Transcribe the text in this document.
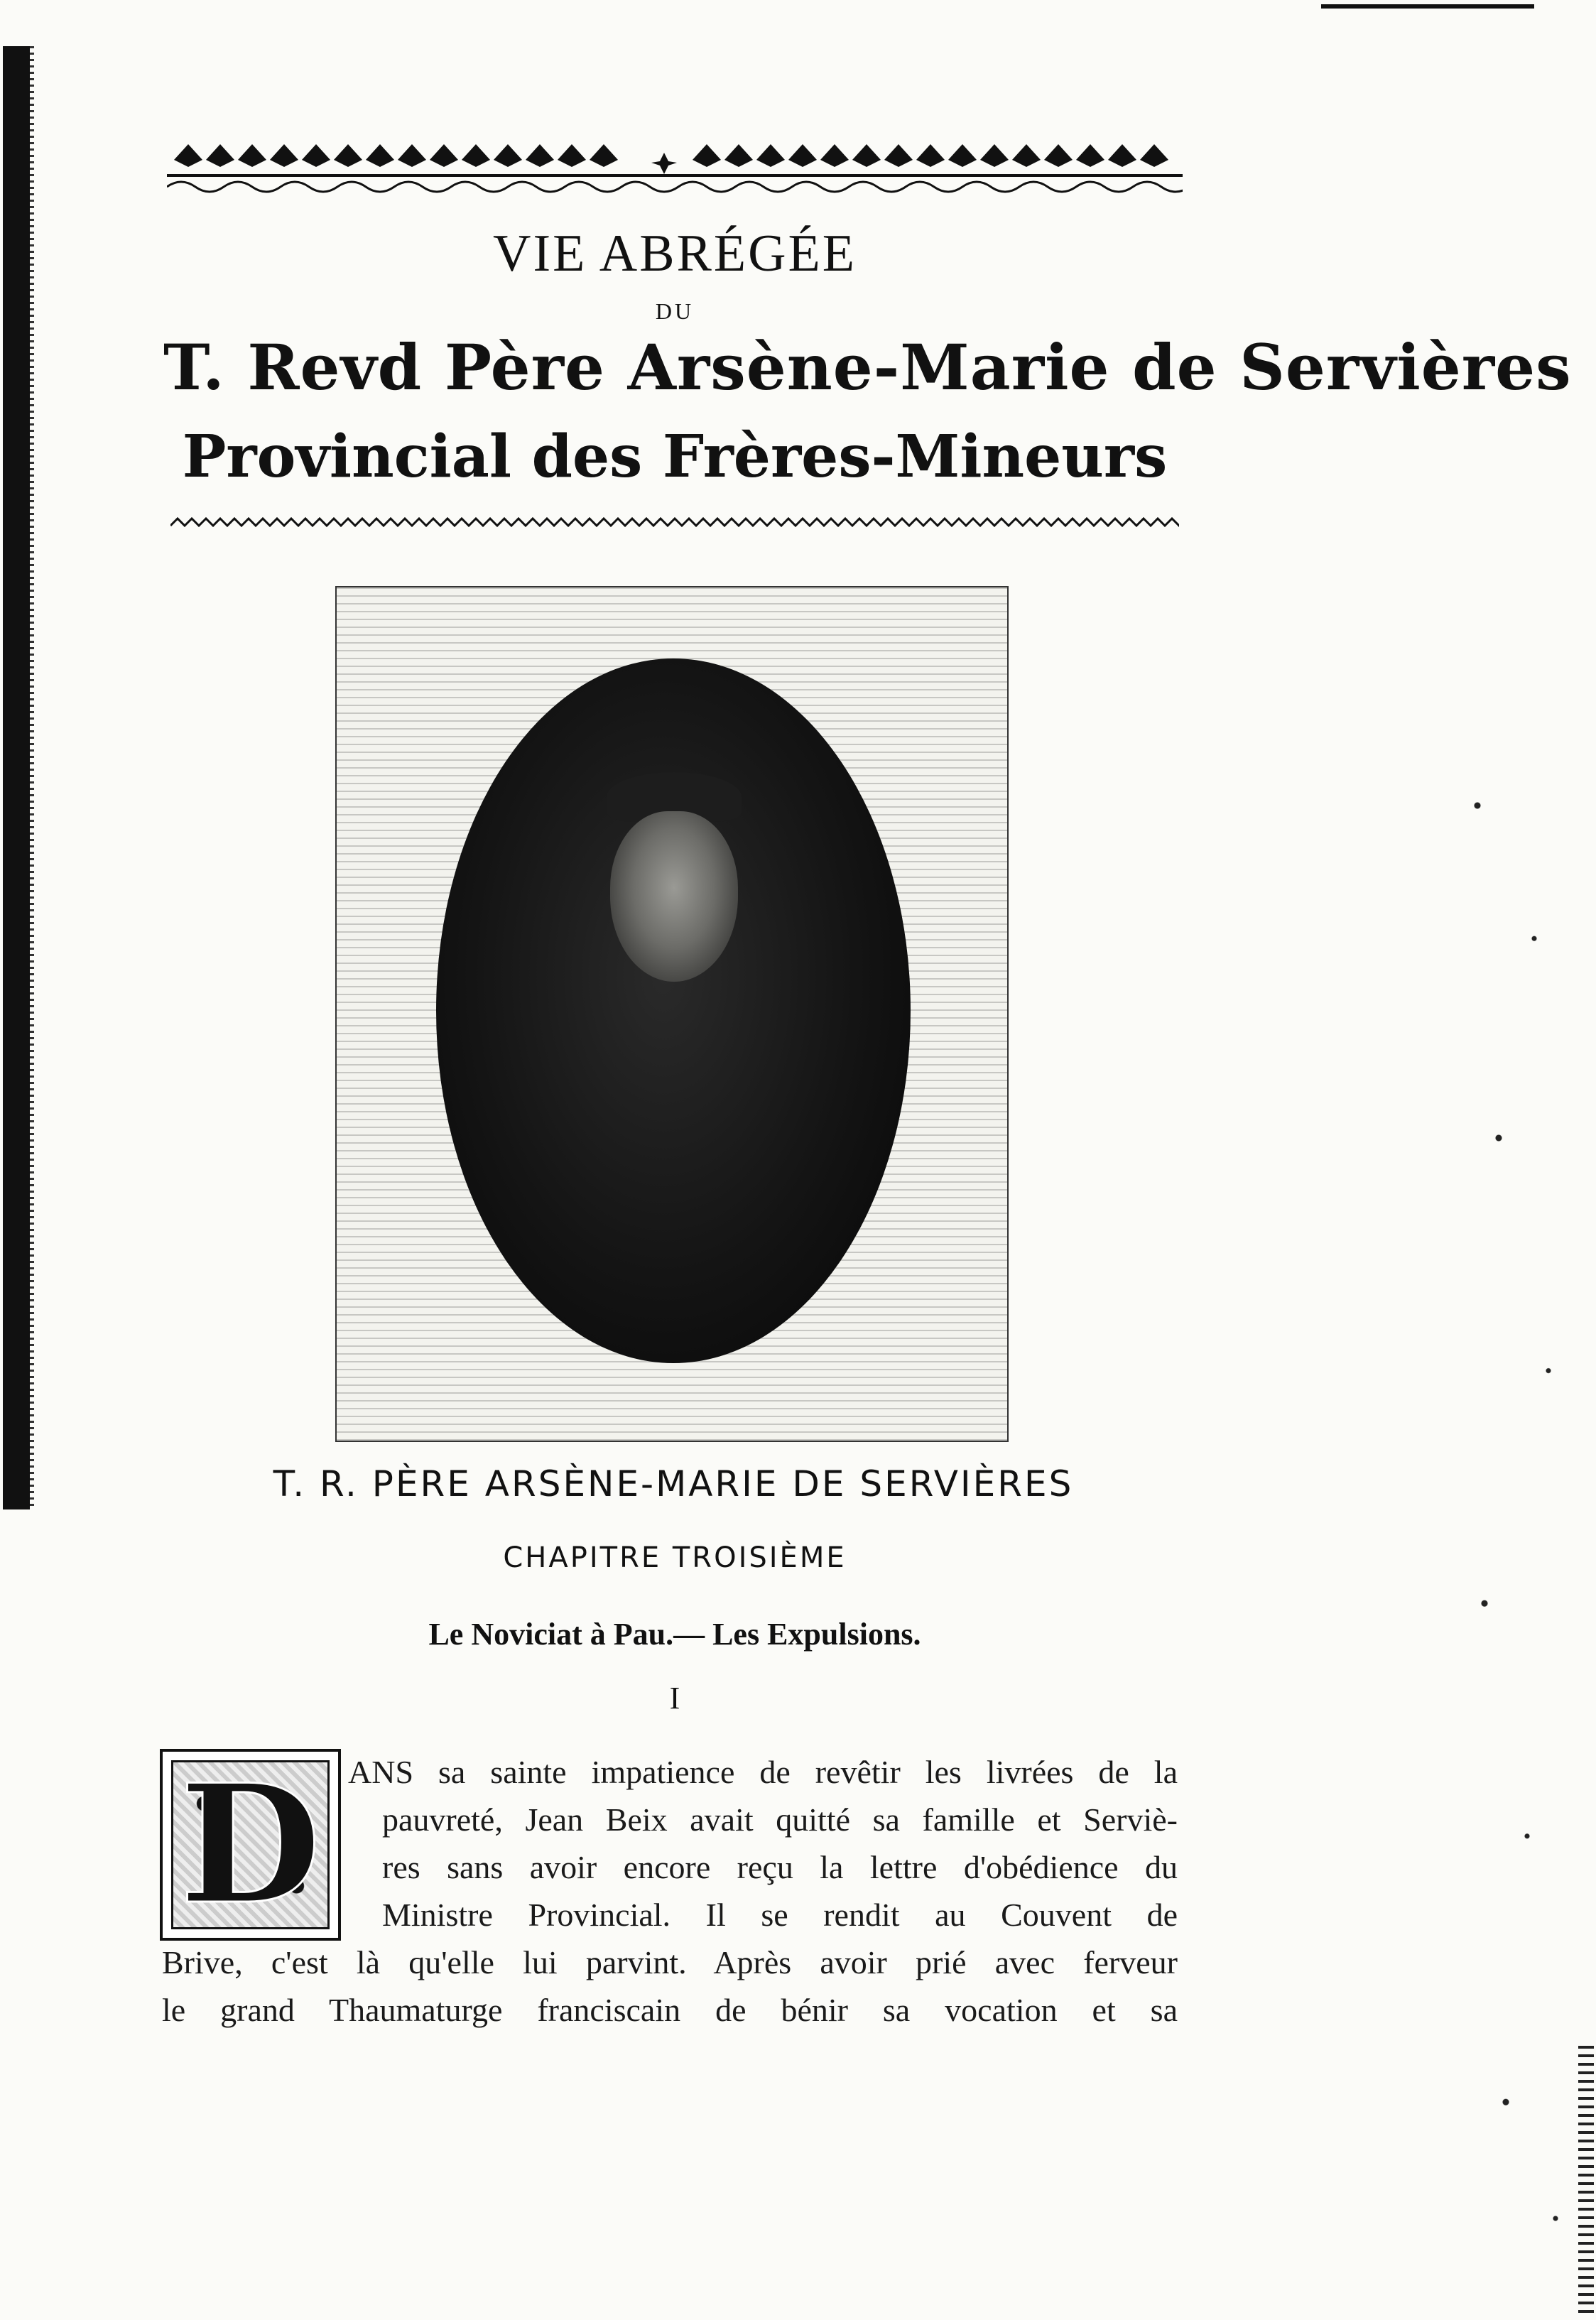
VIE ABRÉGÉE
DU
T. Revd Père Arsène-Marie de Servières
Provincial des Frères-Mineurs
T. R. PÈRE ARSÈNE-MARIE DE SERVIÈRES
CHAPITRE TROISIÈME
Le Noviciat à Pau.— Les Expulsions.
I
D ANS sa sainte impatience de revêtir les livrées de la
pauvreté, Jean Beix avait quitté sa famille et Serviè-
res sans avoir encore reçu la lettre d'obédience du
Ministre Provincial. Il se rendit au Couvent de
Brive, c'est là qu'elle lui parvint. Après avoir prié avec ferveur
le grand Thaumaturge franciscain de bénir sa vocation et sa
